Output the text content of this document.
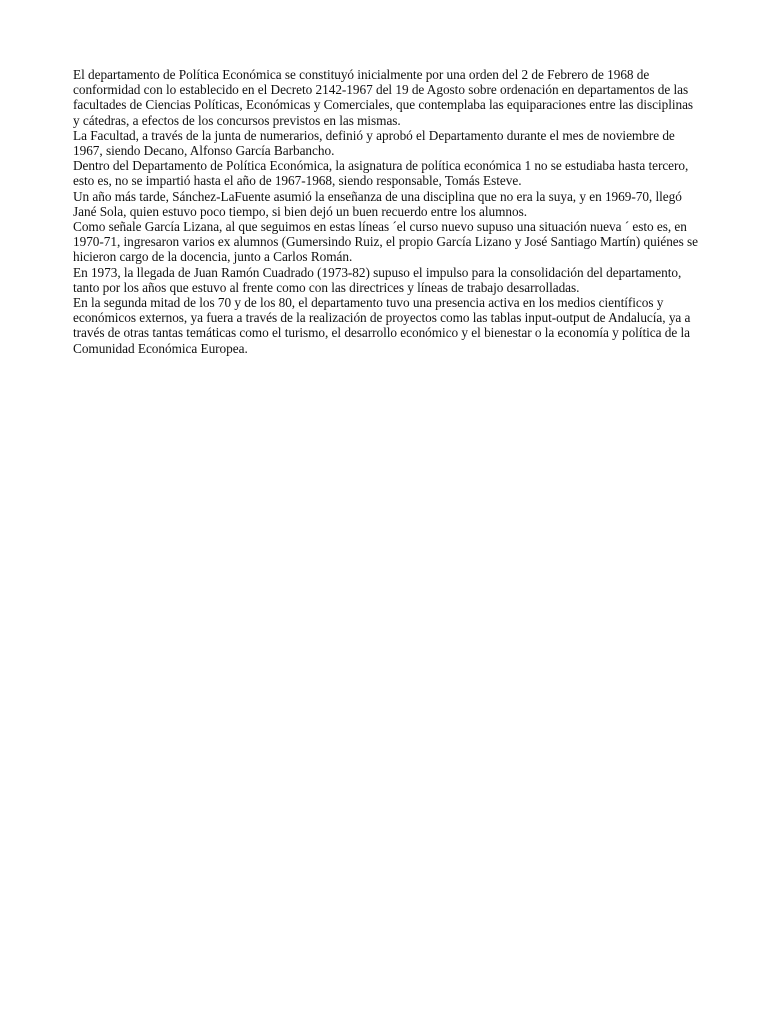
El departamento de Política Económica se constituyó inicialmente por una orden del 2 de Febrero de 1968 de conformidad con lo establecido en el Decreto 2142-1967 del 19 de Agosto sobre ordenación en departamentos de las facultades de Ciencias Políticas, Económicas y Comerciales, que contemplaba las equiparaciones entre las disciplinas y cátedras, a efectos de los concursos previstos en las mismas.

La Facultad, a través de la junta de numerarios, definió y aprobó el Departamento durante el mes de noviembre de 1967, siendo Decano, Alfonso García Barbancho.

Dentro del Departamento de Política Económica, la asignatura de política económica 1 no se estudiaba hasta tercero, esto es, no se impartió hasta el año de 1967-1968, siendo responsable, Tomás Esteve.

Un año más tarde, Sánchez-LaFuente asumió la enseñanza de una disciplina que no era la suya, y en 1969-70, llegó Jané Sola, quien estuvo poco tiempo, si bien dejó un buen recuerdo entre los alumnos.

Como señale García Lizana, al que seguimos en estas líneas ´el curso nuevo supuso una situación nueva ´ esto es, en 1970-71, ingresaron varios ex alumnos (Gumersindo Ruiz, el propio García Lizano y José Santiago Martín) quiénes se hicieron cargo de la docencia, junto a Carlos Román.

En 1973, la llegada de Juan Ramón Cuadrado (1973-82) supuso el impulso para la consolidación del departamento, tanto por los años que estuvo al frente como con las directrices y líneas de trabajo desarrolladas.

En la segunda mitad de los 70 y de los 80, el departamento tuvo una presencia activa en los medios científicos y económicos externos, ya fuera a través de la realización de proyectos como las tablas input-output de Andalucía, ya a través de otras tantas temáticas como el turismo, el desarrollo económico y el bienestar o la economía y política de la Comunidad Económica Europea.
